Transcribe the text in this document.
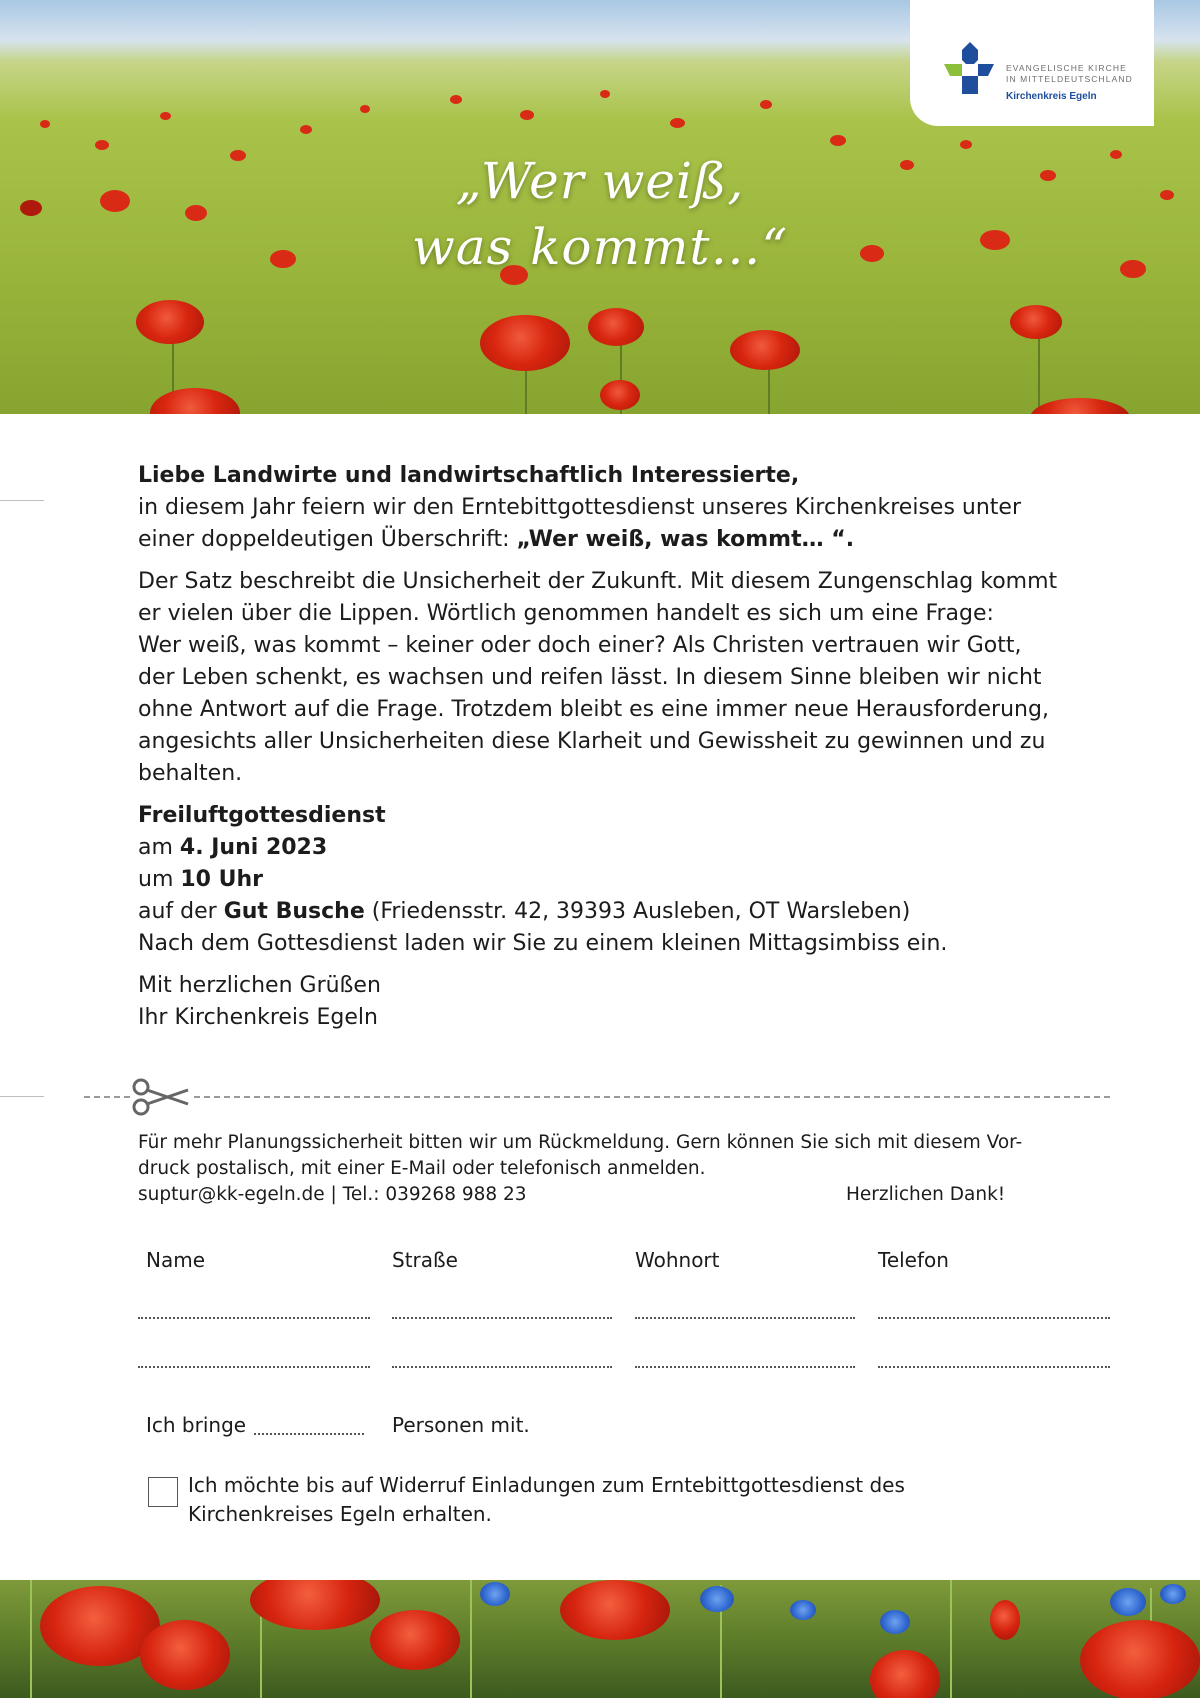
„Wer weiß,
was kommt…“
EVANGELISCHE KIRCHE
IN MITTELDEUTSCHLAND
Kirchenkreis Egeln

Liebe Landwirte und landwirtschaftlich Interessierte,

in diesem Jahr feiern wir den Erntebittgottesdienst unseres Kirchenkreises unter

einer doppeldeutigen Überschrift: „Wer weiß, was kommt… “.

Der Satz beschreibt die Unsicherheit der Zukunft. Mit diesem Zungenschlag kommt

er vielen über die Lippen. Wörtlich genommen handelt es sich um eine Frage:

Wer weiß, was kommt – keiner oder doch einer? Als Christen vertrauen wir Gott,

der Leben schenkt, es wachsen und reifen lässt. In diesem Sinne bleiben wir nicht

ohne Antwort auf die Frage. Trotzdem bleibt es eine immer neue Herausforderung,

angesichts aller Unsicherheiten diese Klarheit und Gewissheit zu gewinnen und zu

behalten.

Freiluftgottesdienst

am 4. Juni 2023

um 10 Uhr

auf der Gut Busche (Friedensstr. 42, 39393 Ausleben, OT Warsleben)

Nach dem Gottesdienst laden wir Sie zu einem kleinen Mittagsimbiss ein.

Mit herzlichen Grüßen

Ihr Kirchenkreis Egeln

Für mehr Planungssicherheit bitten wir um Rückmeldung. Gern können Sie sich mit diesem Vor-
druck postalisch, mit einer E-Mail oder telefonisch anmelden.
suptur@kk-egeln.de | Tel.: 039268 988 23	Herzlichen Dank!
Name	Straße	Wohnort	Telefon
Ich bringe	Personen mit.
Ich möchte bis auf Widerruf Einladungen zum Erntebittgottesdienst des
Kirchenkreises Egeln erhalten.
